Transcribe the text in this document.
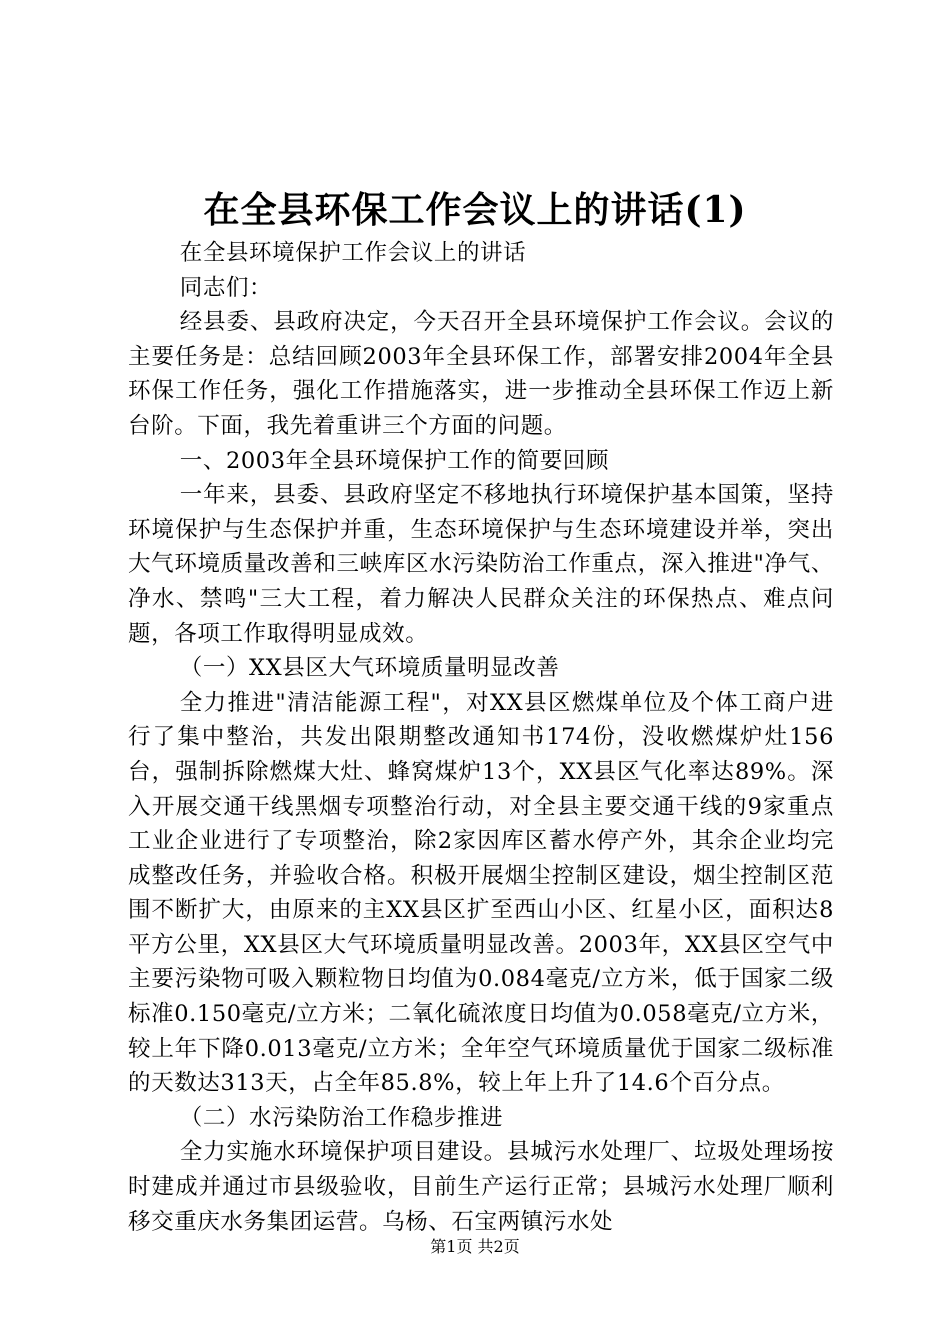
在全县环保工作会议上的讲话(1)

在全县环境保护工作会议上的讲话

同志们：

经县委、县政府决定，今天召开全县环境保护工作会议。会议的主要任务是：总结回顾2003年全县环保工作，部署安排2004年全县环保工作任务，强化工作措施落实，进一步推动全县环保工作迈上新台阶。下面，我先着重讲三个方面的问题。

一、2003年全县环境保护工作的简要回顾

一年来，县委、县政府坚定不移地执行环境保护基本国策，坚持环境保护与生态保护并重，生态环境保护与生态环境建设并举，突出大气环境质量改善和三峡库区水污染防治工作重点，深入推进"净气、净水、禁鸣"三大工程，着力解决人民群众关注的环保热点、难点问题，各项工作取得明显成效。

（一）XX县区大气环境质量明显改善

全力推进"清洁能源工程"，对XX县区燃煤单位及个体工商户进行了集中整治，共发出限期整改通知书174份，没收燃煤炉灶156台，强制拆除燃煤大灶、蜂窝煤炉13个，XX县区气化率达89%。深入开展交通干线黑烟专项整治行动，对全县主要交通干线的9家重点工业企业进行了专项整治，除2家因库区蓄水停产外，其余企业均完成整改任务，并验收合格。积极开展烟尘控制区建设，烟尘控制区范围不断扩大，由原来的主XX县区扩至西山小区、红星小区，面积达8平方公里，XX县区大气环境质量明显改善。2003年，XX县区空气中主要污染物可吸入颗粒物日均值为0.084毫克/立方米，低于国家二级标准0.150毫克/立方米；二氧化硫浓度日均值为0.058毫克/立方米，较上年下降0.013毫克/立方米；全年空气环境质量优于国家二级标准的天数达313天，占全年85.8%，较上年上升了14.6个百分点。

（二）水污染防治工作稳步推进

全力实施水环境保护项目建设。县城污水处理厂、垃圾处理场按时建成并通过市县级验收，目前生产运行正常；县城污水处理厂顺利移交重庆水务集团运营。乌杨、石宝两镇污水处

第1页 共2页
